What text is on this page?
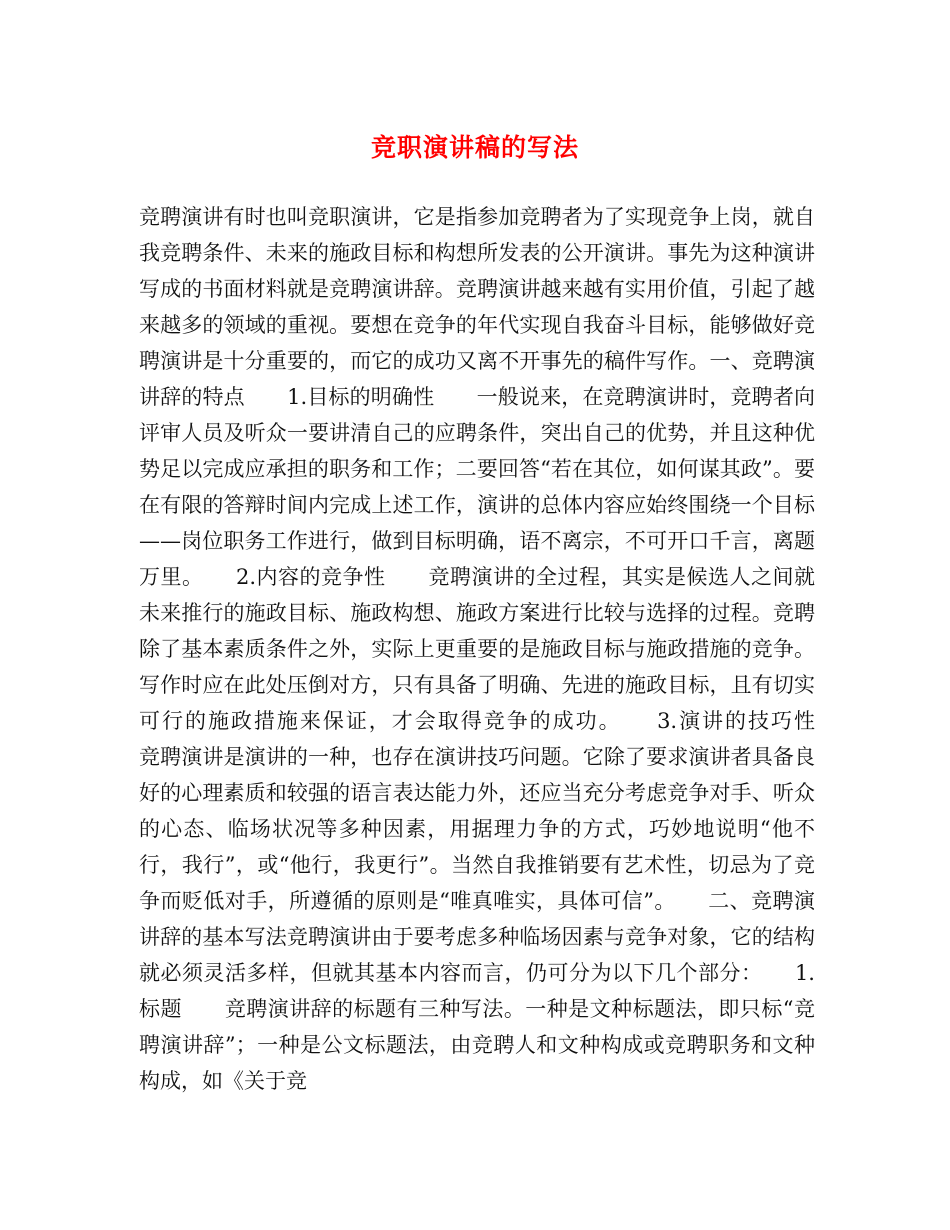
竞职演讲稿的写法

竞聘演讲有时也叫竞职演讲，它是指参加竞聘者为了实现竞争上岗，就自我竞聘条件、未来的施政目标和构想所发表的公开演讲。事先为这种演讲写成的书面材料就是竞聘演讲辞。竞聘演讲越来越有实用价值，引起了越来越多的领域的重视。要想在竞争的年代实现自我奋斗目标，能够做好竞聘演讲是十分重要的，而它的成功又离不开事先的稿件写作。一、竞聘演讲辞的特点　　1.目标的明确性　　一般说来，在竞聘演讲时，竞聘者向评审人员及听众一要讲清自己的应聘条件，突出自己的优势，并且这种优势足以完成应承担的职务和工作；二要回答“若在其位，如何谋其政”。要在有限的答辩时间内完成上述工作，演讲的总体内容应始终围绕一个目标——岗位职务工作进行，做到目标明确，语不离宗，不可开口千言，离题万里。　　2.内容的竞争性　　竞聘演讲的全过程，其实是候选人之间就未来推行的施政目标、施政构想、施政方案进行比较与选择的过程。竞聘除了基本素质条件之外，实际上更重要的是施政目标与施政措施的竞争。写作时应在此处压倒对方，只有具备了明确、先进的施政目标，且有切实可行的施政措施来保证，才会取得竞争的成功。　　3.演讲的技巧性　　竞聘演讲是演讲的一种，也存在演讲技巧问题。它除了要求演讲者具备良好的心理素质和较强的语言表达能力外，还应当充分考虑竞争对手、听众的心态、临场状况等多种因素，用据理力争的方式，巧妙地说明“他不行，我行”，或“他行，我更行”。当然自我推销要有艺术性，切忌为了竞争而贬低对手，所遵循的原则是“唯真唯实，具体可信”。　　二、竞聘演讲辞的基本写法竞聘演讲由于要考虑多种临场因素与竞争对象，它的结构就必须灵活多样，但就其基本内容而言，仍可分为以下几个部分：　　1.标题　　竞聘演讲辞的标题有三种写法。一种是文种标题法，即只标“竞聘演讲辞”；一种是公文标题法，由竞聘人和文种构成或竞聘职务和文种构成，如《关于竞
